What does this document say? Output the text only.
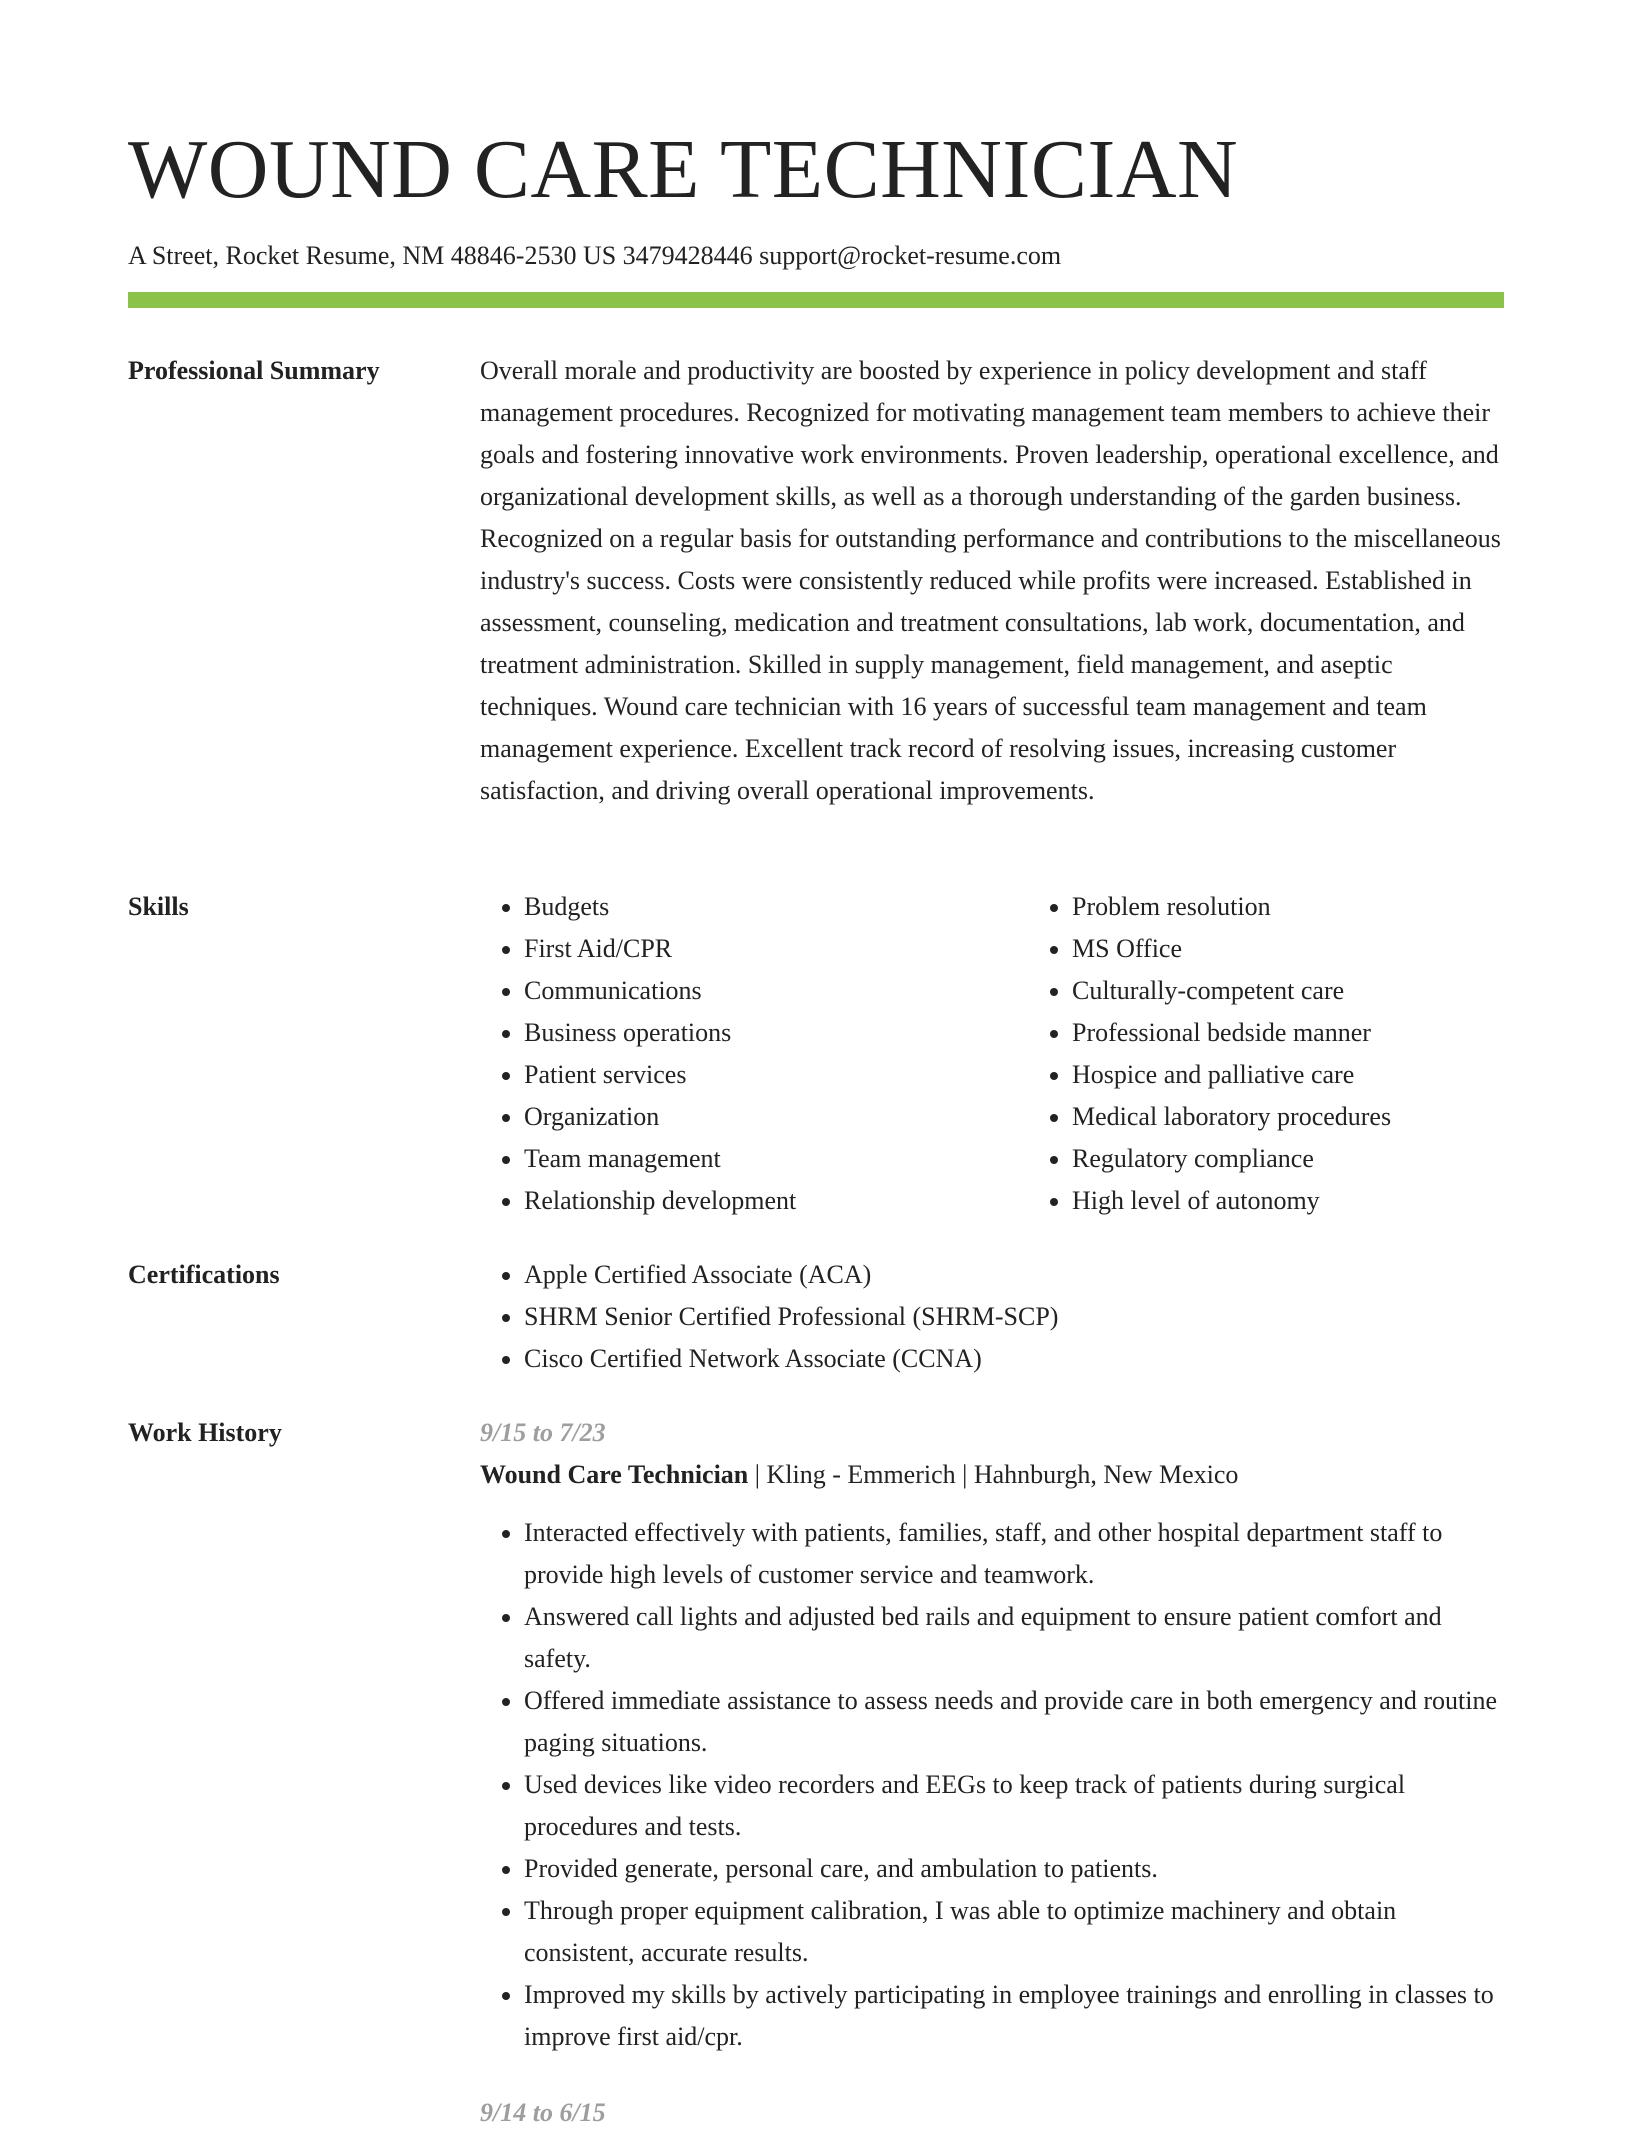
WOUND CARE TECHNICIAN
A Street, Rocket Resume, NM 48846-2530 US 3479428446 support@rocket-resume.com
Professional Summary	Overall morale and productivity are boosted by experience in policy development and staff management procedures. Recognized for motivating management team members to achieve their goals and fostering innovative work environments. Proven leadership, operational excellence, and organizational development skills, as well as a thorough understanding of the garden business. Recognized on a regular basis for outstanding performance and contributions to the miscellaneous industry's success. Costs were consistently reduced while profits were increased. Established in assessment, counseling, medication and treatment consultations, lab work, documentation, and treatment administration. Skilled in supply management, field management, and aseptic techniques. Wound care technician with 16 years of successful team management and team management experience. Excellent track record of resolving issues, increasing customer satisfaction, and driving overall operational improvements.

Skills	• Budgets
• First Aid/CPR
• Communications
• Business operations
• Patient services
• Organization
• Team management
• Relationship development
• Problem resolution
• MS Office
• Culturally-competent care
• Professional bedside manner
• Hospice and palliative care
• Medical laboratory procedures
• Regulatory compliance
• High level of autonomy
Certifications	• Apple Certified Associate (ACA)
• SHRM Senior Certified Professional (SHRM-SCP)
• Cisco Certified Network Associate (CCNA)
Work History	9/15 to 7/23
Wound Care Technician | Kling - Emmerich | Hahnburgh, New Mexico
• Interacted effectively with patients, families, staff, and other hospital department staff to provide high levels of customer service and teamwork.
• Answered call lights and adjusted bed rails and equipment to ensure patient comfort and safety.
• Offered immediate assistance to assess needs and provide care in both emergency and routine paging situations.
• Used devices like video recorders and EEGs to keep track of patients during surgical procedures and tests.
• Provided generate, personal care, and ambulation to patients.
• Through proper equipment calibration, I was able to optimize machinery and obtain consistent, accurate results.
• Improved my skills by actively participating in employee trainings and enrolling in classes to improve first aid/cpr.
9/14 to 6/15
